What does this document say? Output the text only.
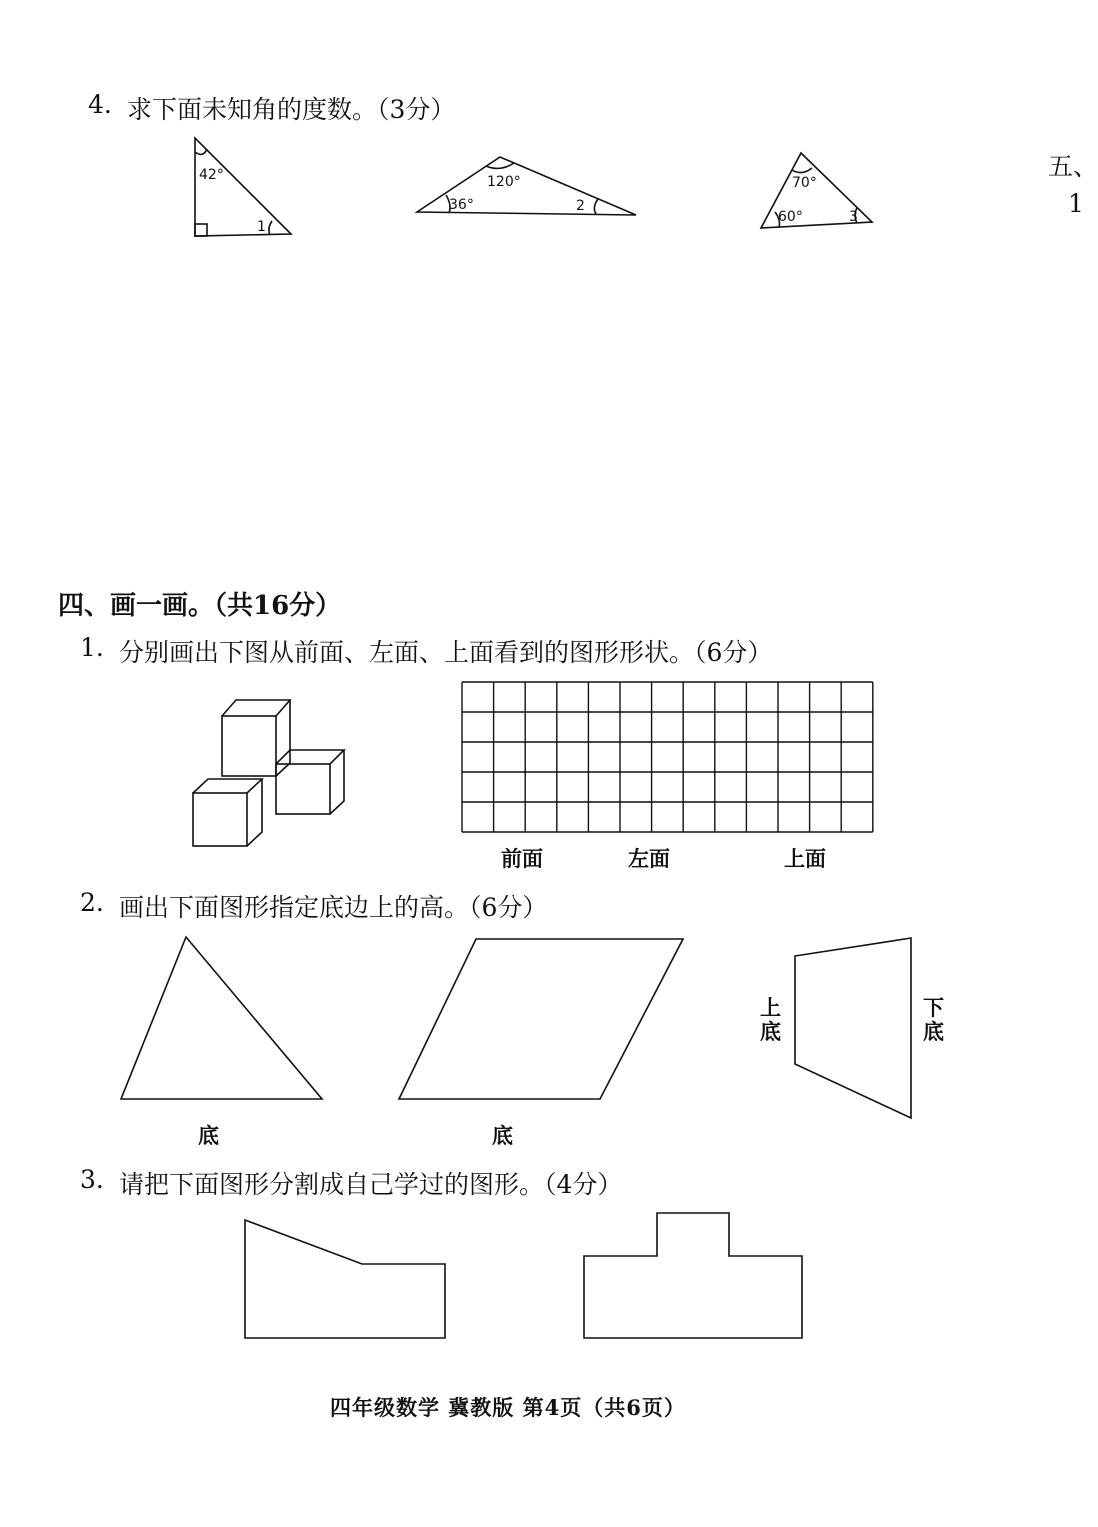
4. 求下面未知角的度数。（3分）
42°
1
120°
36°	2
70°
60°	3
五、
1
四、画一画。（共16分）
1. 分别画出下图从前面、左面、上面看到的图形形状。（6分）
前面	左面	上面
2. 画出下面图形指定底边上的高。（6分）
底	底
上底
下底
3. 请把下面图形分割成自己学过的图形。（4分）
四年级数学 冀教版 第4页（共6页）
